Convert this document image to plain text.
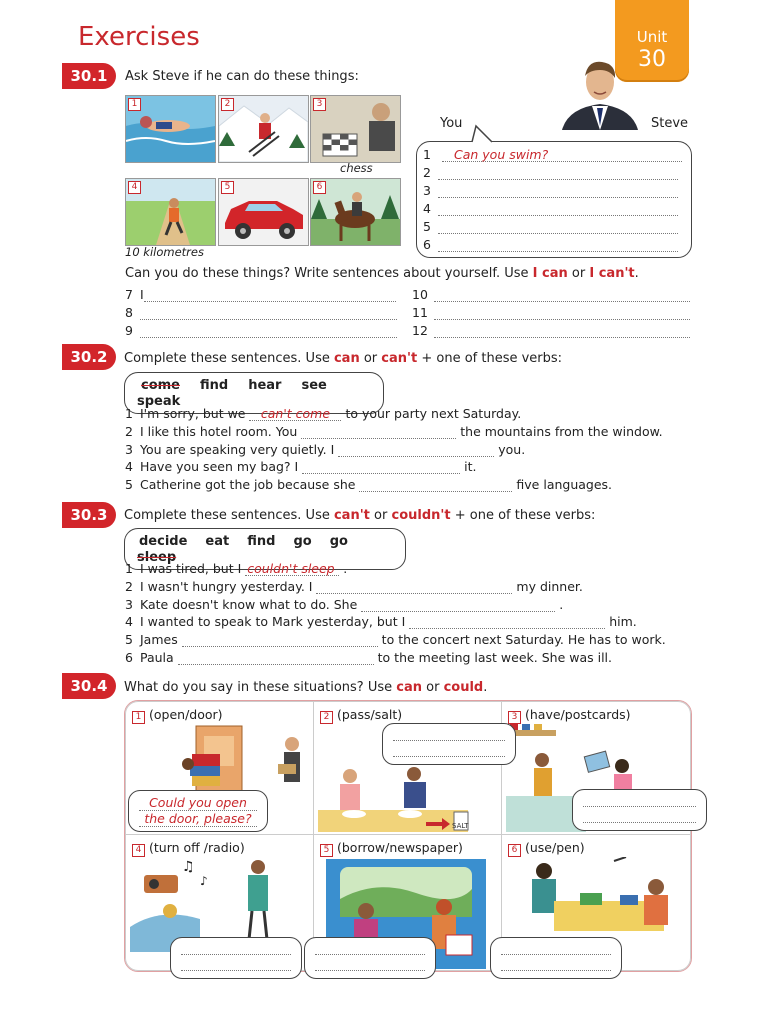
Exercises	Unit
30
30.1	Ask Steve if he can do these things:
1	2	3
chess
4
10 kilometres
5	6
You	Steve
1 Can you swim?
2
3
4
5
6
Can you do these things? Write sentences about yourself. Use I can or I can't.
7 I
8
9
10
11
12
30.2	Complete these sentences. Use can or can't + one of these verbs:
come find hear seespeak
1 I'm sorry, but we can't come to your party next Saturday.
2 I like this hotel room. You	the mountains from the window.
3 You are speaking very quietly. I	you.
4 Have you seen my bag? I	it.
5 Catherine got the job because she	five languages.
30.3	Complete these sentences. Use can't or couldn't + one of these verbs:
decide eat find go gosleep
1 I was tired, but I couldn't sleep .
2 I wasn't hungry yesterday. I	my dinner.
3 Kate doesn't know what to do. She	.
4 I wanted to speak to Mark yesterday, but I	him.
5 James	to the concert next Saturday. He has to work.
6 Paula	to the meeting last week. She was ill.
30.4	What do you say in these situations? Use can or could.
1 (open/door)	2 (pass/salt)
SALT
3 (have/postcards)
4 (turn off /radio)
♫
♪
5 (borrow/newspaper)	6 (use/pen)
Could you open
the door, please?
